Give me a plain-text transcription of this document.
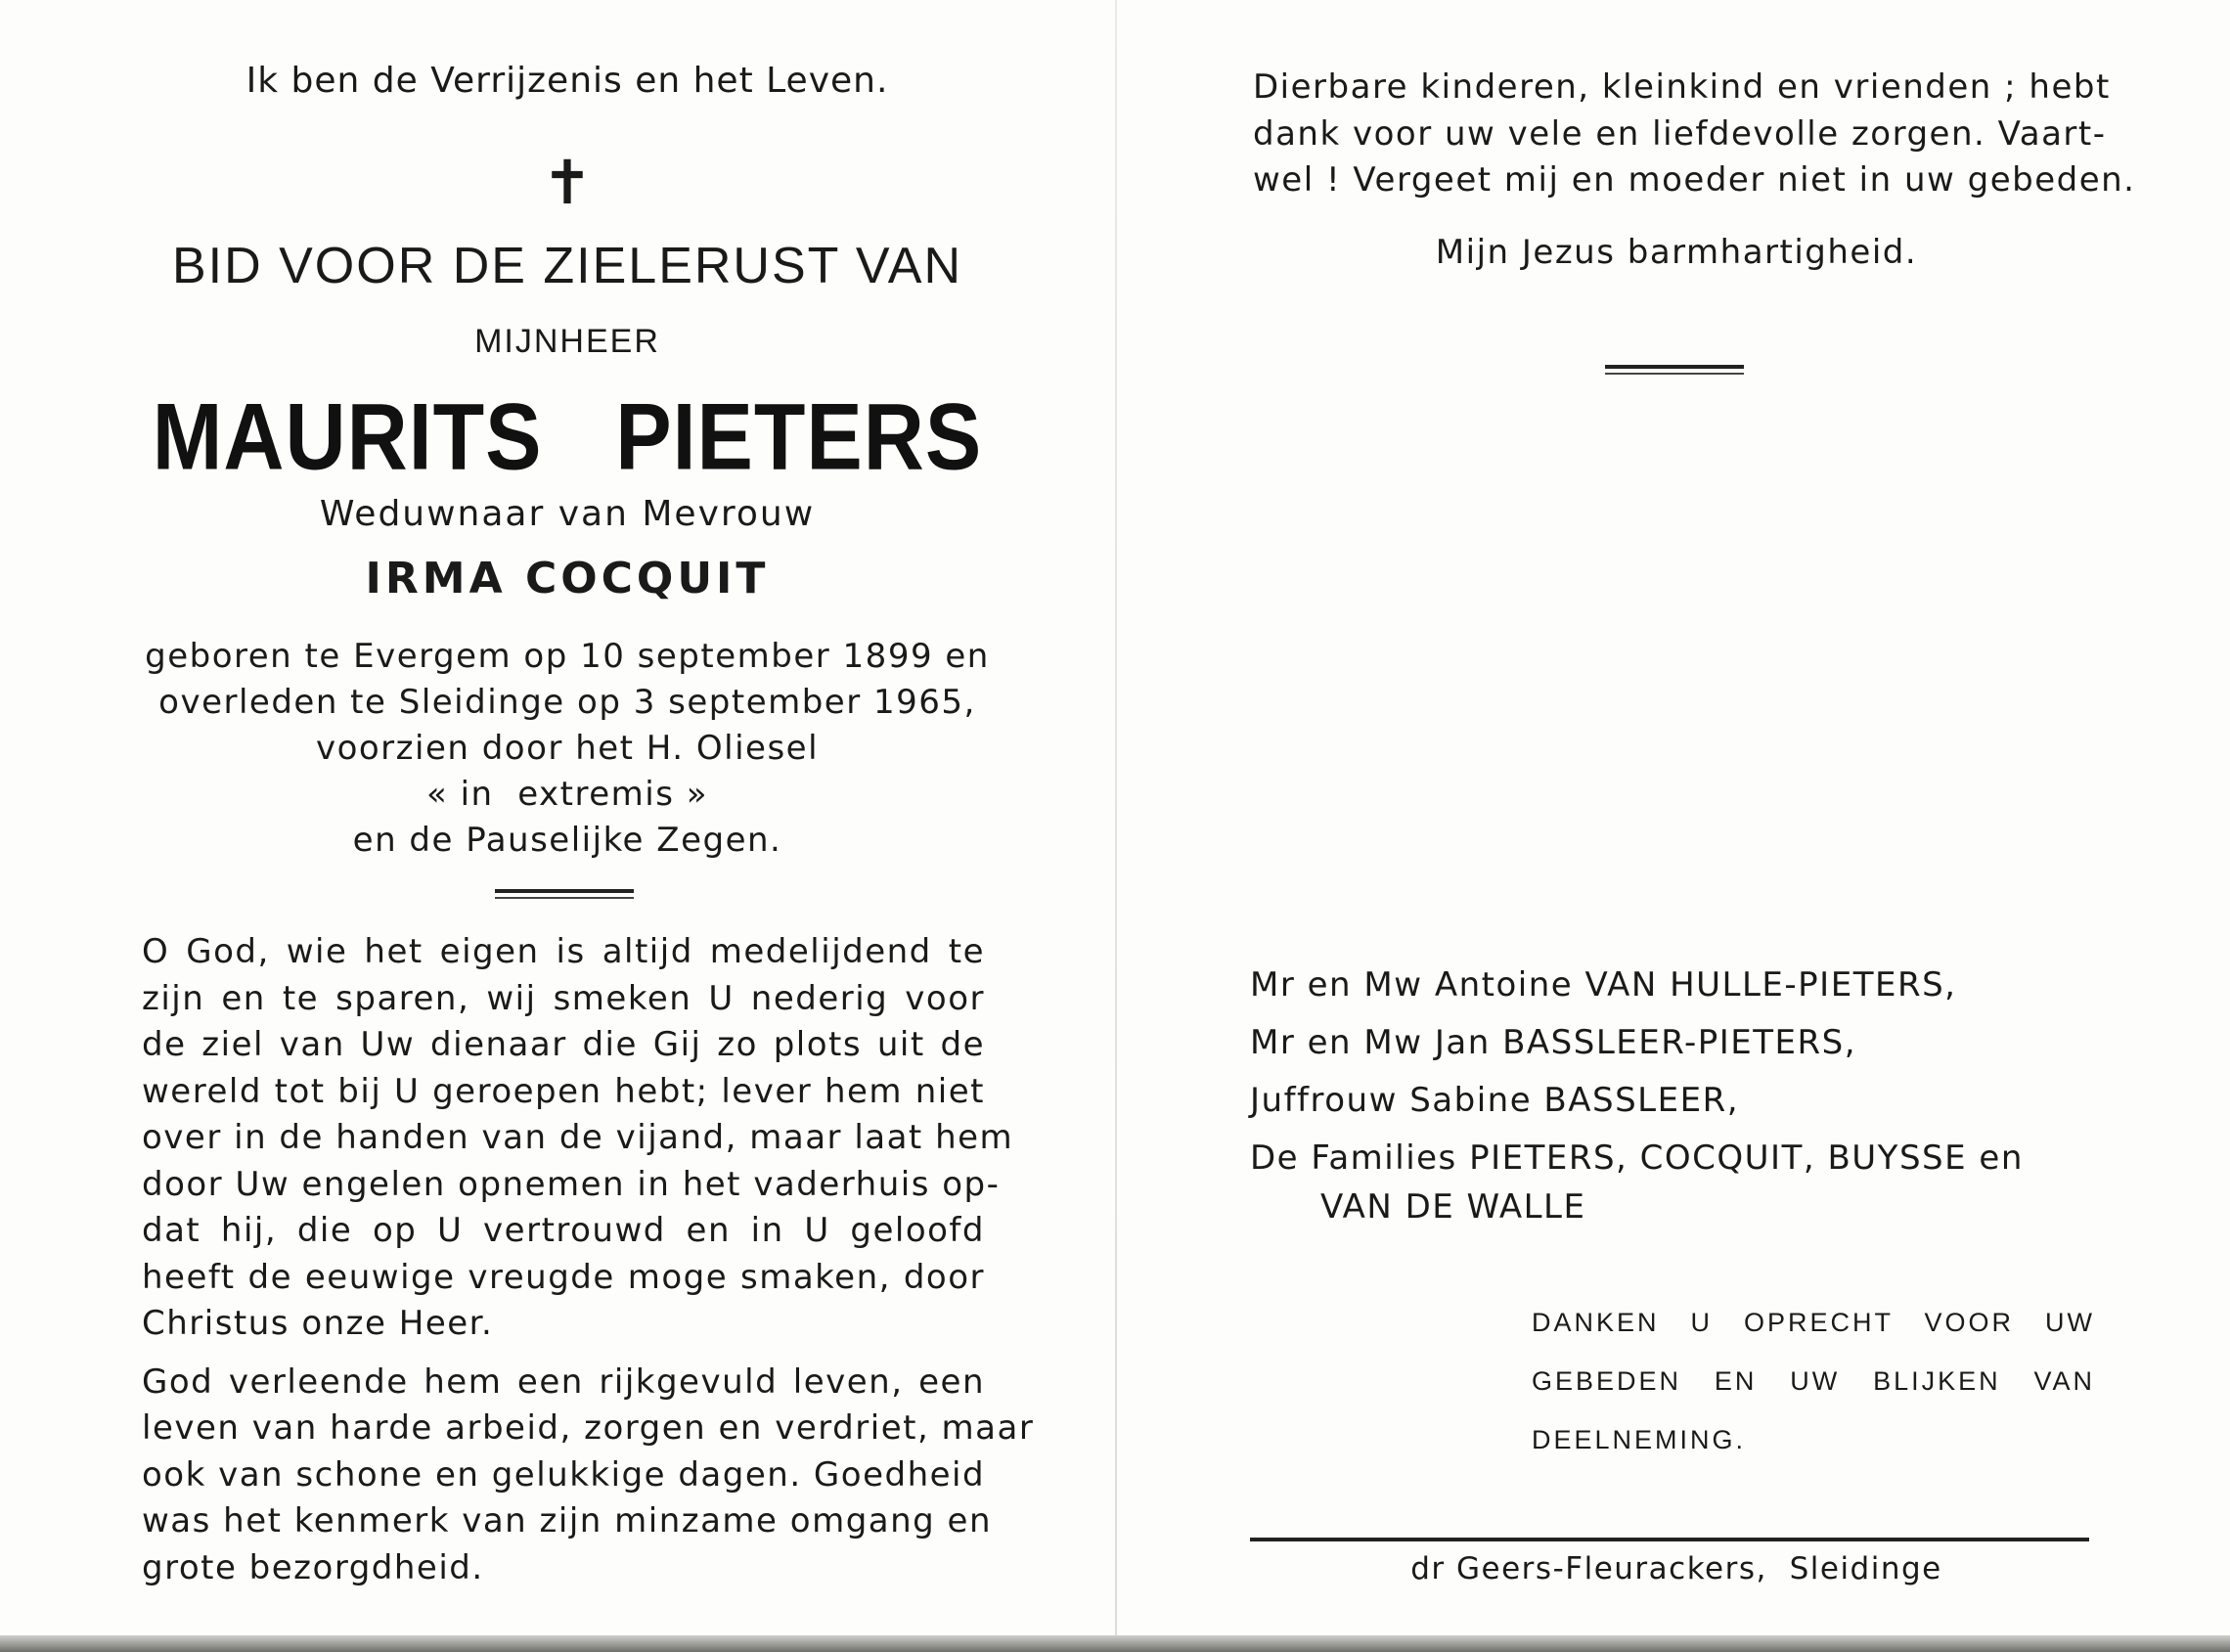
Ik ben de Verrijzenis en het Leven.
✝
BID VOOR DE ZIELERUST VAN
MIJNHEER
MAURITS   PIETERS
Weduwnaar van Mevrouw
IRMA COCQUIT
geboren te Evergem op 10 september 1899 en
overleden te Sleidinge op 3 september 1965,
voorzien door het H. Oliesel
« in  extremis »
en de Pauselijke Zegen.
O God, wie het eigen is altijd medelijdend te
zijn en te sparen, wij smeken U nederig voor
de ziel van Uw dienaar die Gij zo plots uit de
wereld tot bij U geroepen hebt; lever hem niet
over in de handen van de vijand, maar laat hem
door Uw engelen opnemen in het vaderhuis op-
dat hij, die op U vertrouwd en in U geloofd
heeft de eeuwige vreugde moge smaken, door
Christus onze Heer.
God verleende hem een rijkgevuld leven, een
leven van harde arbeid, zorgen en verdriet, maar
ook van schone en gelukkige dagen. Goedheid
was het kenmerk van zijn minzame omgang en
grote bezorgdheid.
Dierbare kinderen, kleinkind en vrienden ; hebt
dank voor uw vele en liefdevolle zorgen. Vaart-
wel ! Vergeet mij en moeder niet in uw gebeden.
Mijn Jezus barmhartigheid.
Mr en Mw Antoine VAN HULLE-PIETERS,
Mr en Mw Jan BASSLEER-PIETERS,
Juffrouw Sabine BASSLEER,
De Families PIETERS, COCQUIT, BUYSSE en
VAN DE WALLE
DANKEN U OPRECHT VOOR UW
GEBEDEN EN UW BLIJKEN VAN
DEELNEMING.
dr Geers-Fleurackers,  Sleidinge
